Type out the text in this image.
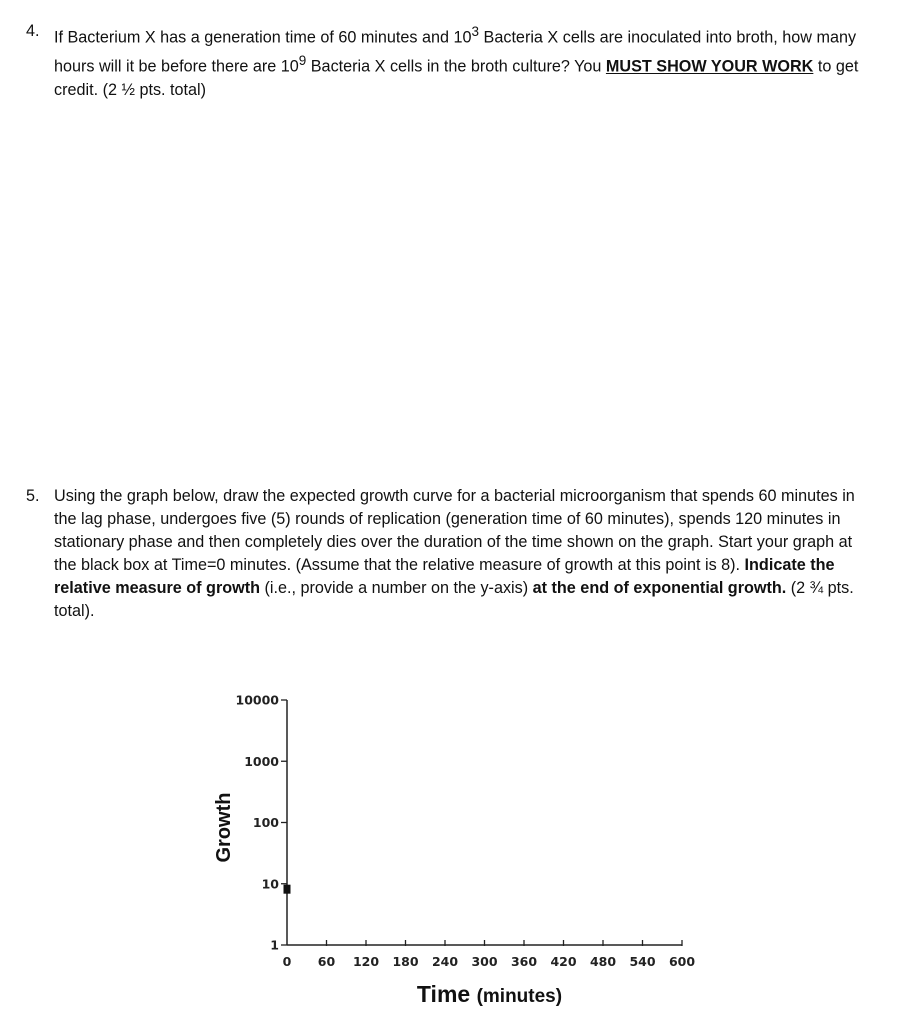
4. If Bacterium X has a generation time of 60 minutes and $10^3$ Bacteria X cells are inoculated into broth, how many hours will it be before there are $10^9$ Bacteria X cells in the broth culture? You MUST SHOW YOUR WORK to get credit. (2 ½ pts. total)
5. Using the graph below, draw the expected growth curve for a bacterial microorganism that spends 60 minutes in the lag phase, undergoes five (5) rounds of replication (generation time of 60 minutes), spends 120 minutes in stationary phase and then completely dies over the duration of the time shown on the graph. Start your graph at the black box at Time=0 minutes. (Assume that the relative measure of growth at this point is 8). Indicate the relative measure of growth (i.e., provide a number on the y-axis) at the end of exponential growth. (2 ¾ pts. total).
1
10
100
1000
10000
0 60 120 180 240 300 360 420 480 540 600
Growth
Time (minutes)
